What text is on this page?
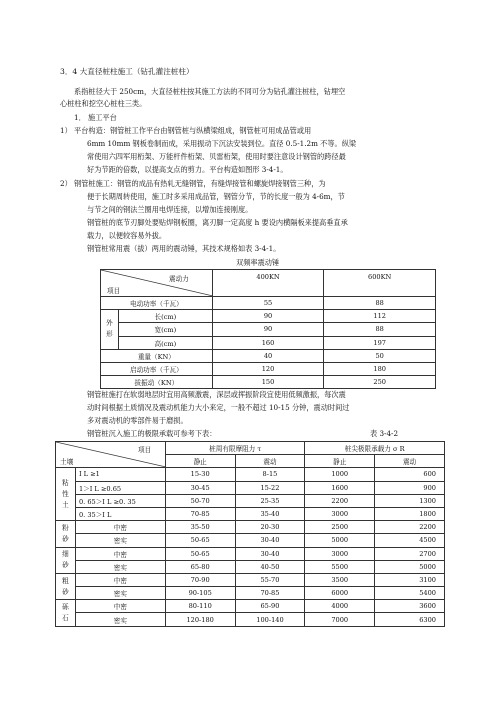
3．4 大直径桩柱施工（钻孔灌注桩柱）
系指桩径大于 250cm，大直径桩柱按其施工方法的不同可分为钻孔灌注桩柱，钻埋空
心桩柱和挖空心桩柱三类。
1． 施工平台
1） 平台构造：钢管桩工作平台由钢管桩与纵横梁组成，钢管桩可用成品管或用
6mm 10mm 钢板卷制而成，采用振动下沉法安装到位。直径 0.5-1.2m 不等。纵梁
常使用六四军用桁架、万能杆件桁架、贝雷桁架，使用时要注意设计钢管的跨径最
好为节距的倍数，以提高支点的剪力。平台构造如图形 3-4-1。
2） 钢管桩施工：钢管的成品有热轧无缝钢管，有缝焊接管和螺旋焊接钢管三种，为
便于长期周转使用，施工时多采用成品管，钢管分节，节的长度一般为 4-6m，节
与节之间的钢法兰圈用电焊连接，以增加连接刚度。
钢管桩的底节刃脚处要贴焊钢板圈，离刃脚一定高度 h 要设内横隔板来提高垂直承
载力，以便较容易外拔。
钢管桩常用震（拔）两用的震动锤，其技术规格如表 3-4-1。
双频率震动锤
震动力
项目		400KN	600KN
电动功率（千瓦）		55	88
外
形	长(cm)	90	112
	宽(cm)	90	88
	高(cm)	160	197
重量（KN）		40	50
启动功率（千瓦）		120	180
拔振动（KN）		150	250
钢管桩施打在软弱地层时宜用高频激震，深层或挥振阶段宜使用低频激振，每次震
动时间根据土质情况及震动机能力大小来定，一般不超过 10-15 分钟，震动时间过
多对震动机的零部件易于磨损。
钢管桩沉入施工的极限承载可参考下表：	表 3-4-2
项目
土壤		桩周有限摩阻力 τ		桩尖极限承载力 σ R	
		静止	震动	静止	震动
粘
性
土	I L ≥1	15-30	8-15	1000	600
	1＞I L ≥0.65	30-45	15-22	1600	900
	0. 65＞I L ≥0. 35	50-70	25-35	2200	1300
	0. 35＞I L	70-85	35-40	3000	1800
粉
砂	中密	35-50	20-30	2500	2200
	密实	50-65	30-40	5000	4500
细
砂	中密	50-65	30-40	3000	2700
	密实	65-80	40-50	5500	5000
粗
砂	中密	70-90	55-70	3500	3100
	密实	90-105	70-85	6000	5400
砾
石	中密	80-110	65-90	4000	3600
	密实	120-180	100-140	7000	6300
